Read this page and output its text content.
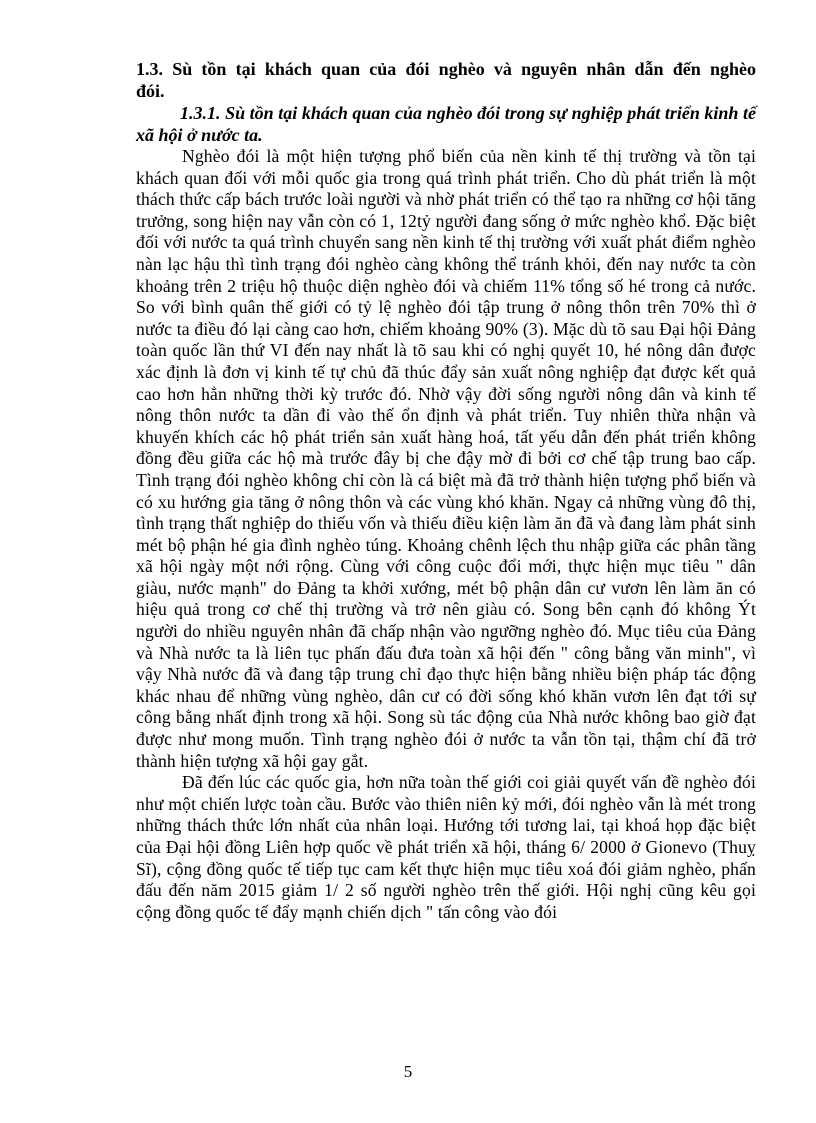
1.3. Sù tồn tại khách quan của đói nghèo và nguyên nhân dẫn đến nghèo đói.

1.3.1. Sù tồn tại khách quan của nghèo đói trong sự nghiệp phát triển kinh tế xã hội ở nước ta.

Nghèo đói là một hiện tượng phổ biến của nền kinh tế thị trường và tồn tại khách quan đối với mỗi quốc gia trong quá trình phát triển. Cho dù phát triển là một thách thức cấp bách trước loài người và nhờ phát triển có thể tạo ra những cơ hội tăng trưởng, song hiện nay vẫn còn có 1, 12tỷ người đang sống ở mức nghèo khổ. Đặc biệt đối với nước ta quá trình chuyển sang nền kinh tế thị trường với xuất phát điểm nghèo nàn lạc hậu thì tình trạng đói nghèo càng không thể tránh khỏi, đến nay nước ta còn khoảng trên 2 triệu hộ thuộc diện nghèo đói và chiếm 11% tổng số hé trong cả nước. So với bình quân thế giới có tỷ lệ nghèo đói tập trung ở nông thôn trên 70% thì ở nước ta điều đó lại càng cao hơn, chiếm khoảng 90% (3). Mặc dù tõ sau Đại hội Đảng toàn quốc lần thứ VI đến nay nhất là tõ sau khi có nghị quyết 10, hé nông dân được xác định là đơn vị kinh tế tự chủ đã thúc đẩy sản xuất nông nghiệp đạt được kết quả cao hơn hẳn những thời kỳ trước đó. Nhờ vậy đời sống người nông dân và kinh tế nông thôn nước ta dần đi vào thế ổn định và phát triển. Tuy nhiên thừa nhận và khuyến khích các hộ phát triển sản xuất hàng hoá, tất yếu dẫn đến phát triển không đồng đều giữa các hộ mà trước đây bị che đậy mờ đi bởi cơ chế tập trung bao cấp. Tình trạng đói nghèo không chỉ còn là cá biệt mà đã trở thành hiện tượng phổ biến và có xu hướng gia tăng ở nông thôn và các vùng khó khăn. Ngay cả những vùng đô thị, tình trạng thất nghiệp do thiếu vốn và thiếu điều kiện làm ăn đã và đang làm phát sinh mét bộ phận hé gia đình nghèo túng. Khoảng chênh lệch thu nhập giữa các phân tầng xã hội ngày một nới rộng. Cùng với công cuộc đổi mới, thực hiện mục tiêu " dân giàu, nước mạnh" do Đảng ta khởi xướng, mét bộ phận dân cư vươn lên làm ăn có hiệu quả trong cơ chế thị trường và trở nên giàu có. Song bên cạnh đó không Ýt người do nhiều nguyên nhân đã chấp nhận vào ngưỡng nghèo đó. Mục tiêu của Đảng và Nhà nước ta là liên tục phấn đấu đưa toàn xã hội đến " công bằng văn minh", vì vậy Nhà nước đã và đang tập trung chỉ đạo thực hiện bằng nhiều biện pháp tác động khác nhau để những vùng nghèo, dân cư có đời sống khó khăn vươn lên đạt tới sự công bằng nhất định trong xã hội. Song sù tác động của Nhà nước không bao giờ đạt được như mong muốn. Tình trạng nghèo đói ở nước ta vẫn tồn tại, thậm chí đã trở thành hiện tượng xã hội gay gắt.

Đã đến lúc các quốc gia, hơn nữa toàn thế giới coi giải quyết vấn đề nghèo đói như một chiến lược toàn cầu. Bước vào thiên niên kỷ mới, đói nghèo vẫn là mét trong những thách thức lớn nhất của nhân loại. Hướng tới tương lai, tại khoá họp đặc biệt của Đại hội đồng Liên hợp quốc về phát triển xã hội, tháng 6/ 2000 ở Gionevo (Thuỵ Sĩ), cộng đồng quốc tế tiếp tục cam kết thực hiện mục tiêu xoá đói giảm nghèo, phấn đấu đến năm 2015 giảm 1/ 2 số người nghèo trên thế giới. Hội nghị cũng kêu gọi cộng đồng quốc tế đẩy mạnh chiến dịch " tấn công vào đói

5
